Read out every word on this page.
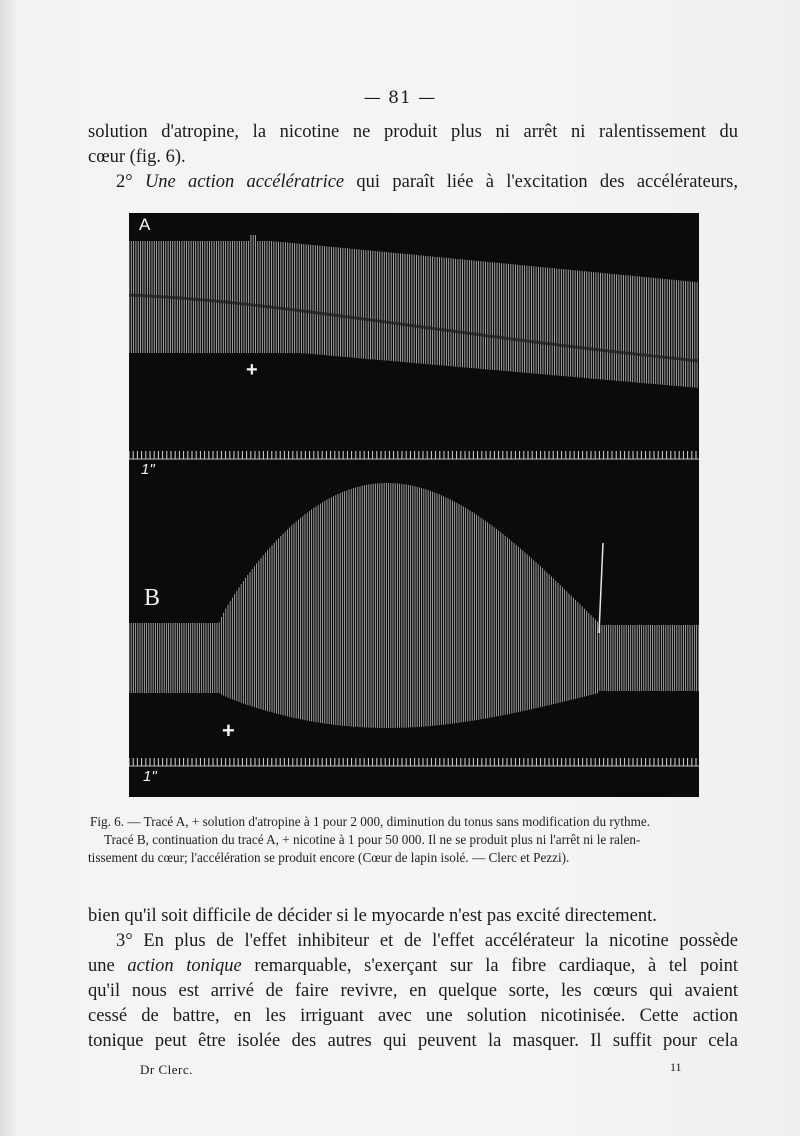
— 81 —
solution d'atropine, la nicotine ne produit plus ni arrêt ni ralentissement du
cœur (fig. 6).
2° Une action accélératrice qui paraît liée à l'excitation des accélérateurs,
A
+
1"
B
+
1"
Fig. 6. — Tracé A, + solution d'atropine à 1 pour 2 000, diminution du tonus sans modification du rythme.
Tracé B, continuation du tracé A, + nicotine à 1 pour 50 000. Il ne se produit plus ni l'arrêt ni le ralen-
tissement du cœur; l'accélération se produit encore (Cœur de lapin isolé. — Clerc et Pezzi).
bien qu'il soit difficile de décider si le myocarde n'est pas excité directement.
3° En plus de l'effet inhibiteur et de l'effet accélérateur la nicotine possède
une action tonique remarquable, s'exerçant sur la fibre cardiaque, à tel point
qu'il nous est arrivé de faire revivre, en quelque sorte, les cœurs qui avaient
cessé de battre, en les irriguant avec une solution nicotinisée. Cette action
tonique peut être isolée des autres qui peuvent la masquer. Il suffit pour cela
Dr Clerc.	11
